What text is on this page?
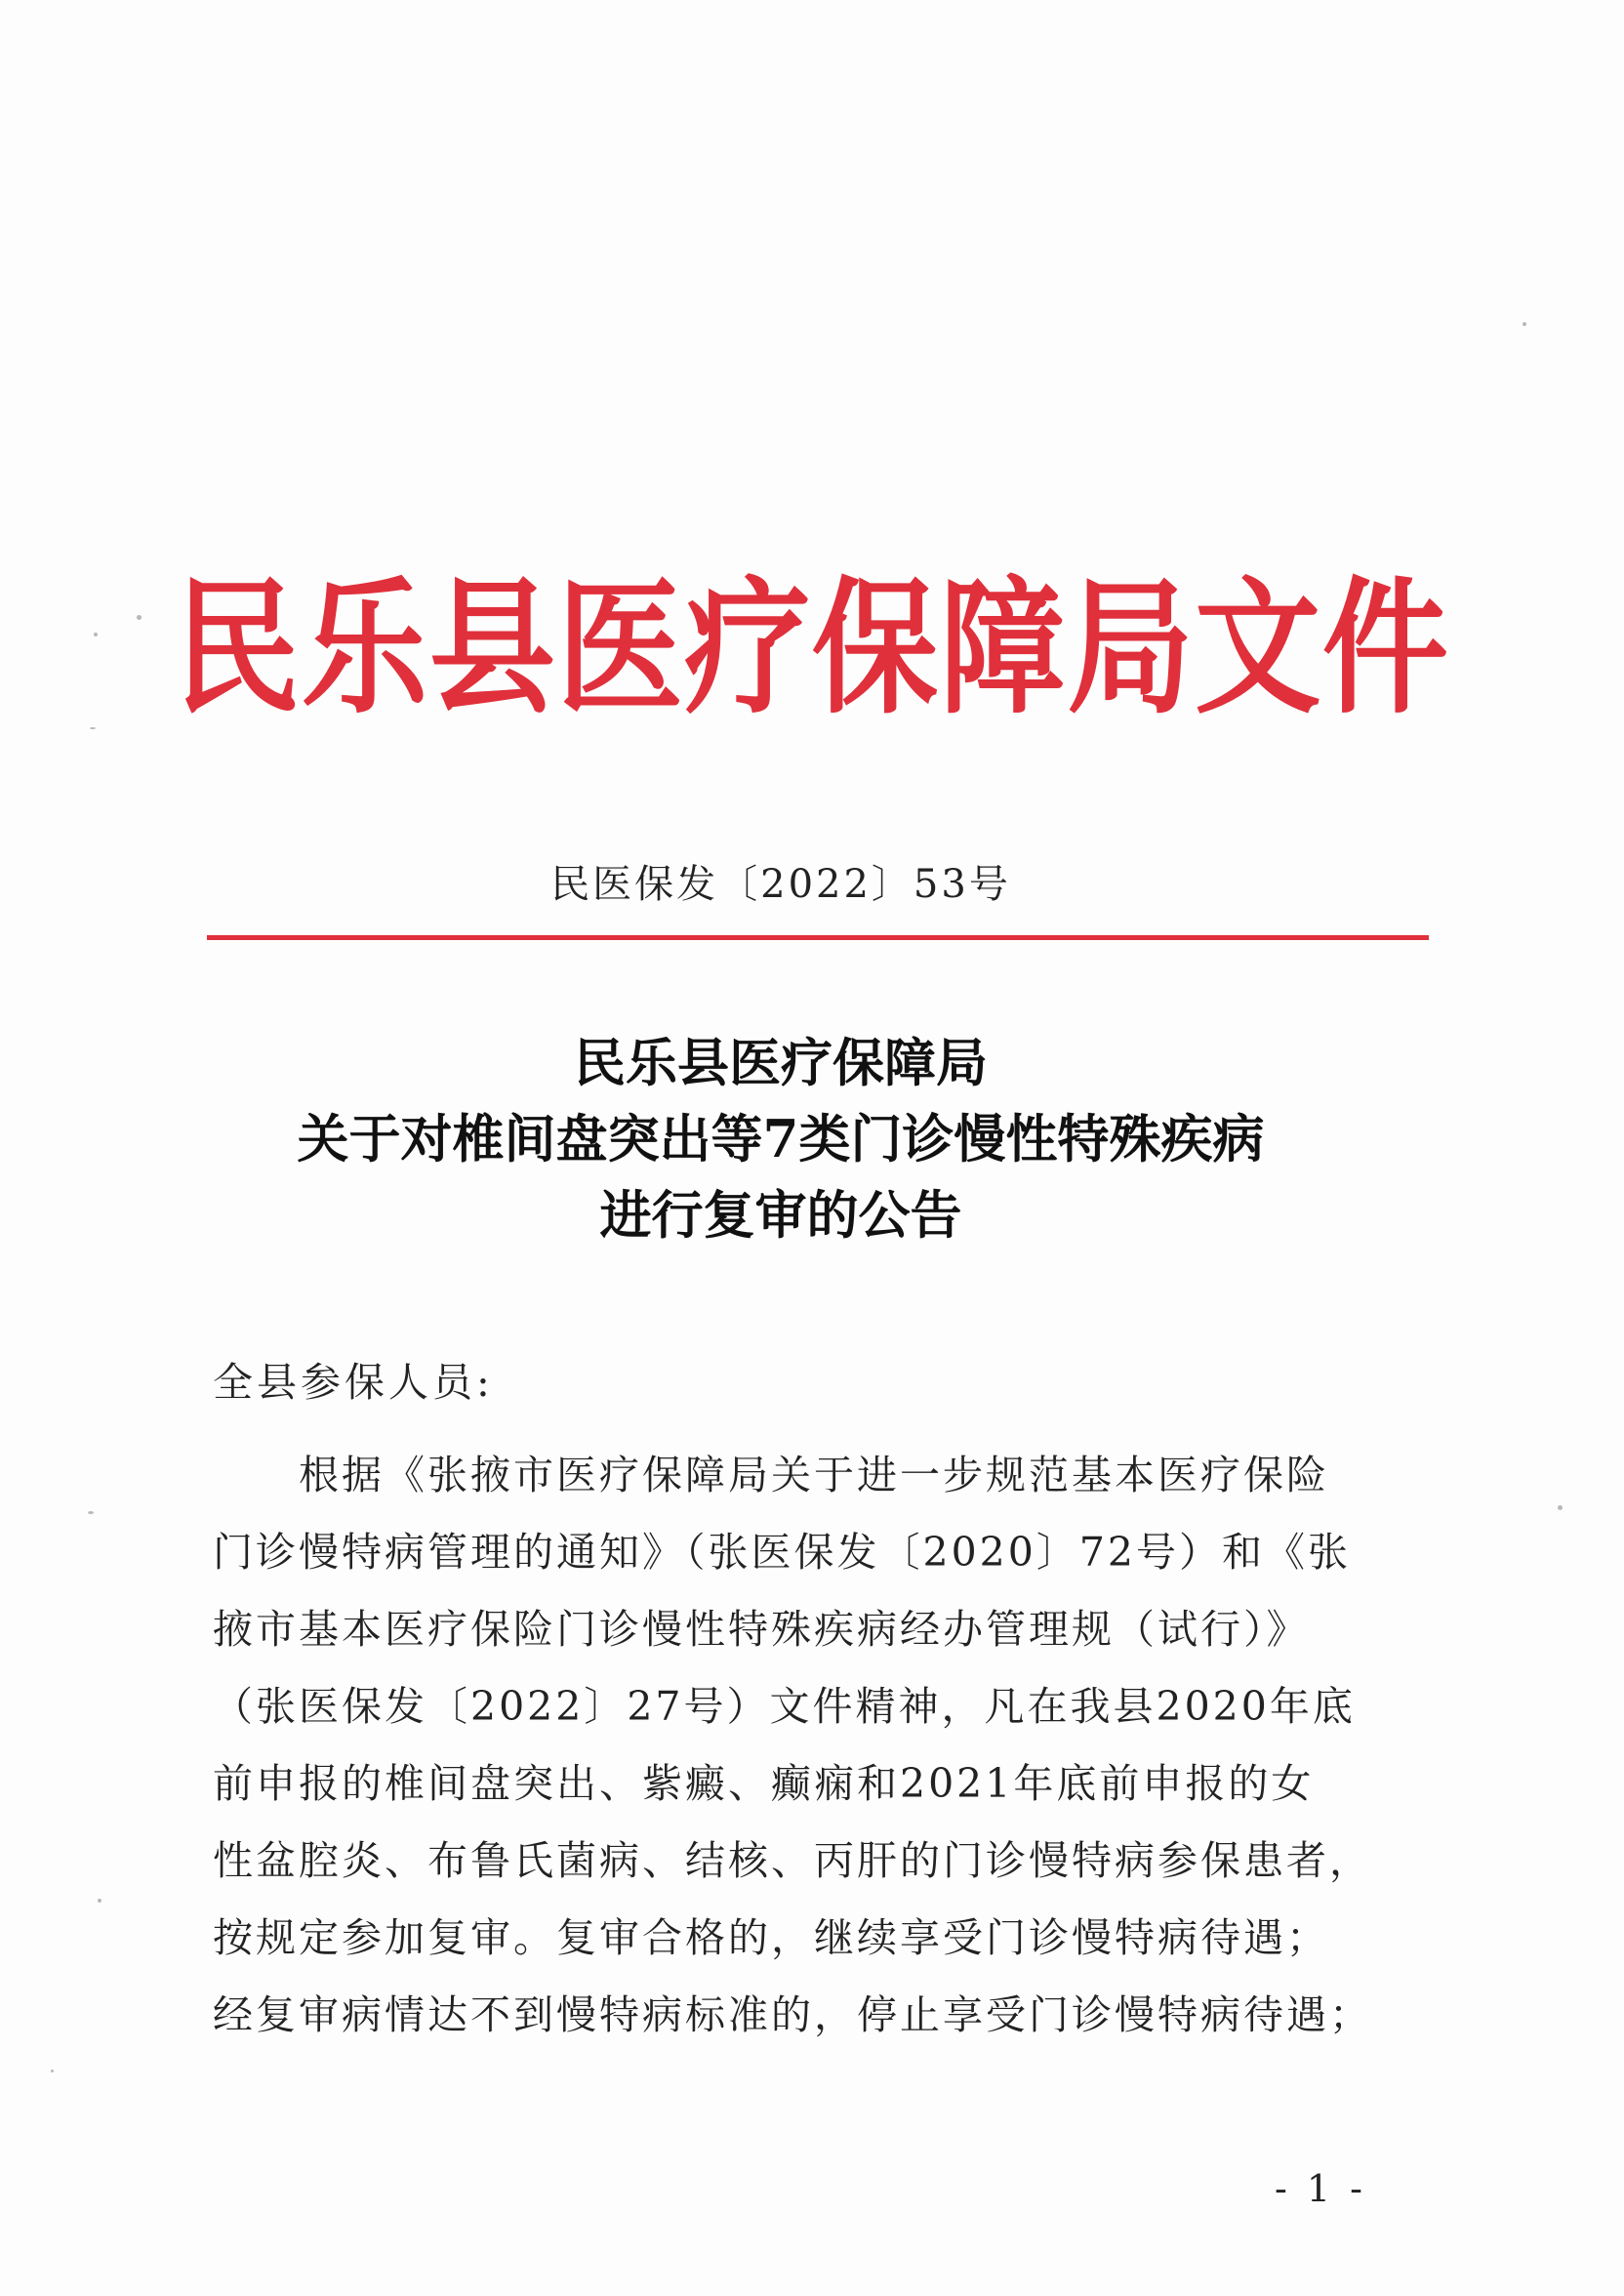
民乐县医疗保障局文件
民医保发〔2022〕53号
民乐县医疗保障局
关于对椎间盘突出等7类门诊慢性特殊疾病
进行复审的公告
全县参保人员:
根据《张掖市医疗保障局关于进一步规范基本医疗保险
门诊慢特病管理的通知》（张医保发〔2020〕72号）和《张
掖市基本医疗保险门诊慢性特殊疾病经办管理规（试行）》
（张医保发〔2022〕27号）文件精神，凡在我县2020年底
前申报的椎间盘突出、紫癜、癫痫和2021年底前申报的女
性盆腔炎、布鲁氏菌病、结核、丙肝的门诊慢特病参保患者，
按规定参加复审。复审合格的，继续享受门诊慢特病待遇；
经复审病情达不到慢特病标准的，停止享受门诊慢特病待遇；
- 1 -
